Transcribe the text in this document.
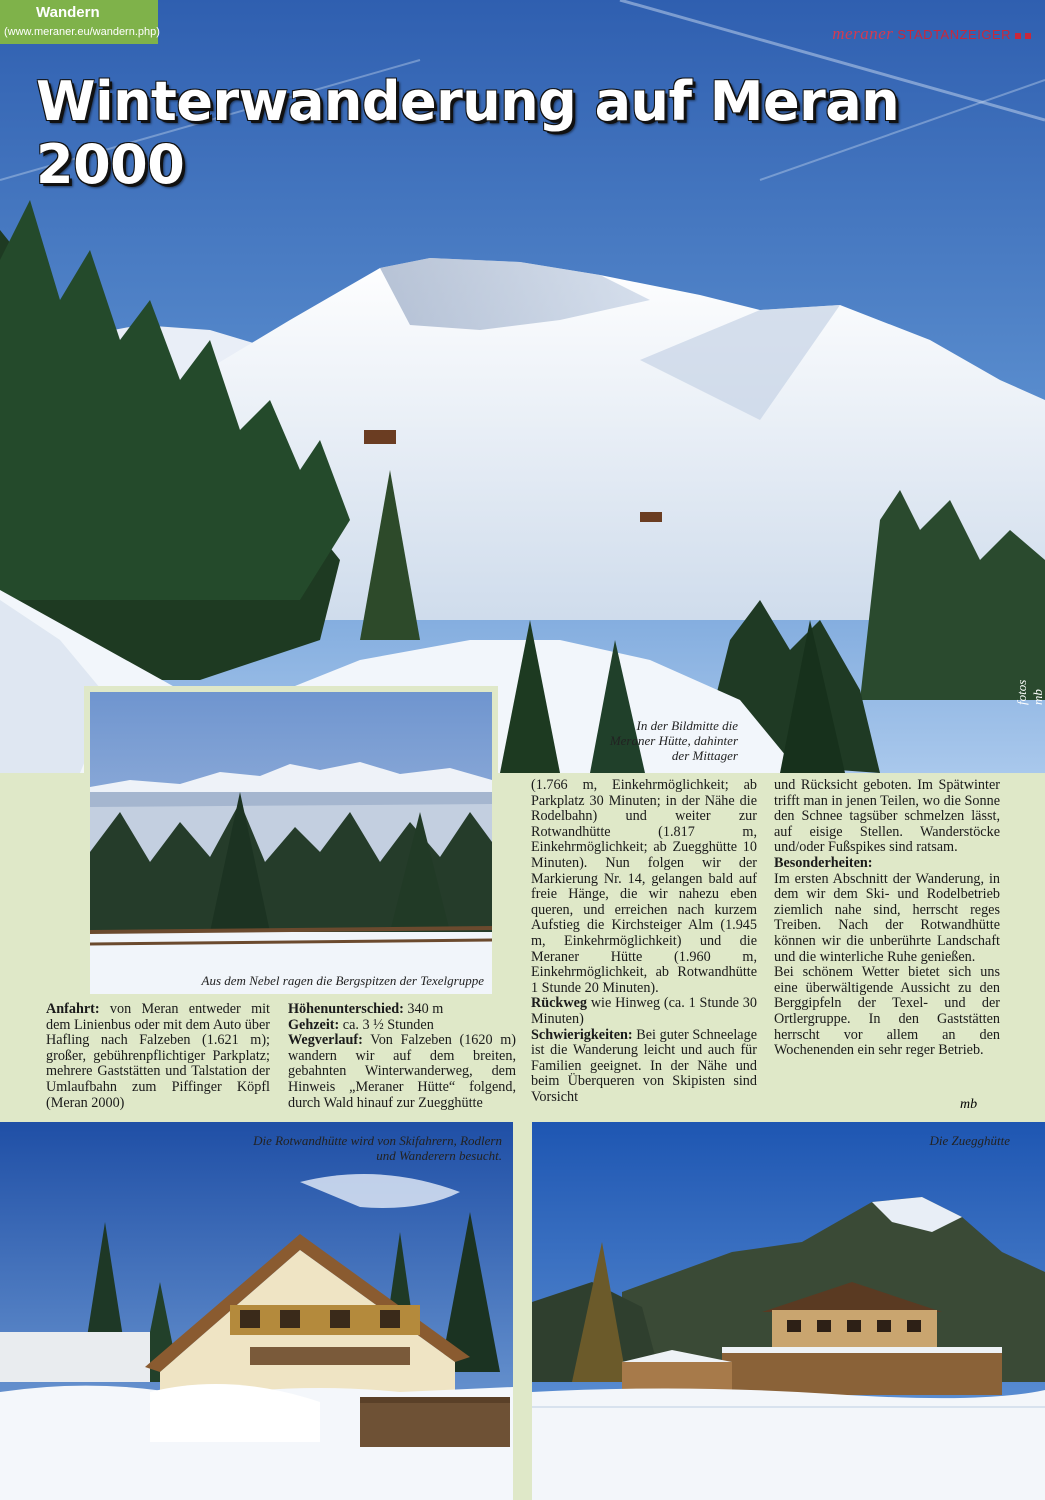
Wandern
(www.meraner.eu/wandern.php)	meraner STADTANZEIGER
Winterwanderung auf Meran 2000
fotos mb
In der Bildmitte die Meraner Hütte, dahinter der Mittager
Aus dem Nebel ragen die Bergspitzen der Texelgruppe
Anfahrt: von Meran entweder mit dem Linienbus oder mit dem Auto über Hafling nach Falzeben (1.621 m); großer, gebührenpflichtiger Parkplatz; mehrere Gaststätten und Talstation der Umlaufbahn zum Piffinger Köpfl (Meran 2000)
Höhenunterschied: 340 m
Gehzeit: ca. 3 ½ Stunden
Wegverlauf: Von Falzeben (1620 m) wandern wir auf dem breiten, gebahnten Winterwanderweg, dem Hinweis „Meraner Hütte“ folgend, durch Wald hinauf zur Zuegghütte
(1.766 m, Einkehrmöglichkeit; ab Parkplatz 30 Minuten; in der Nähe die Rodelbahn) und weiter zur Rotwandhütte (1.817 m, Einkehrmöglichkeit; ab Zuegghütte 10 Minuten). Nun folgen wir der Markierung Nr. 14, gelangen bald auf freie Hänge, die wir nahezu eben queren, und erreichen nach kurzem Aufstieg die Kirchsteiger Alm (1.945 m, Einkehrmöglichkeit) und die Meraner Hütte (1.960 m, Einkehrmöglichkeit, ab Rotwandhütte 1 Stunde 20 Minuten).
Rückweg wie Hinweg (ca. 1 Stunde 30 Minuten)
Schwierigkeiten: Bei guter Schneelage ist die Wanderung leicht und auch für Familien geeignet. In der Nähe und beim Überqueren von Skipisten sind Vorsicht
und Rücksicht geboten. Im Spätwinter trifft man in jenen Teilen, wo die Sonne den Schnee tagsüber schmelzen lässt, auf eisige Stellen. Wanderstöcke und/oder Fußspikes sind ratsam.
Besonderheiten:
Im ersten Abschnitt der Wanderung, in dem wir dem Ski- und Rodelbetrieb ziemlich nahe sind, herrscht reges Treiben. Nach der Rotwandhütte können wir die unberührte Landschaft und die winterliche Ruhe genießen.
Bei schönem Wetter bietet sich uns eine überwältigende Aussicht zu den Berggipfeln der Texel- und der Ortlergruppe. In den Gaststätten herrscht vor allem an den Wochenenden ein sehr reger Betrieb.
mb
Die Rotwandhütte wird von Skifahrern, Rodlern und Wanderern besucht.
Die Zuegghütte
